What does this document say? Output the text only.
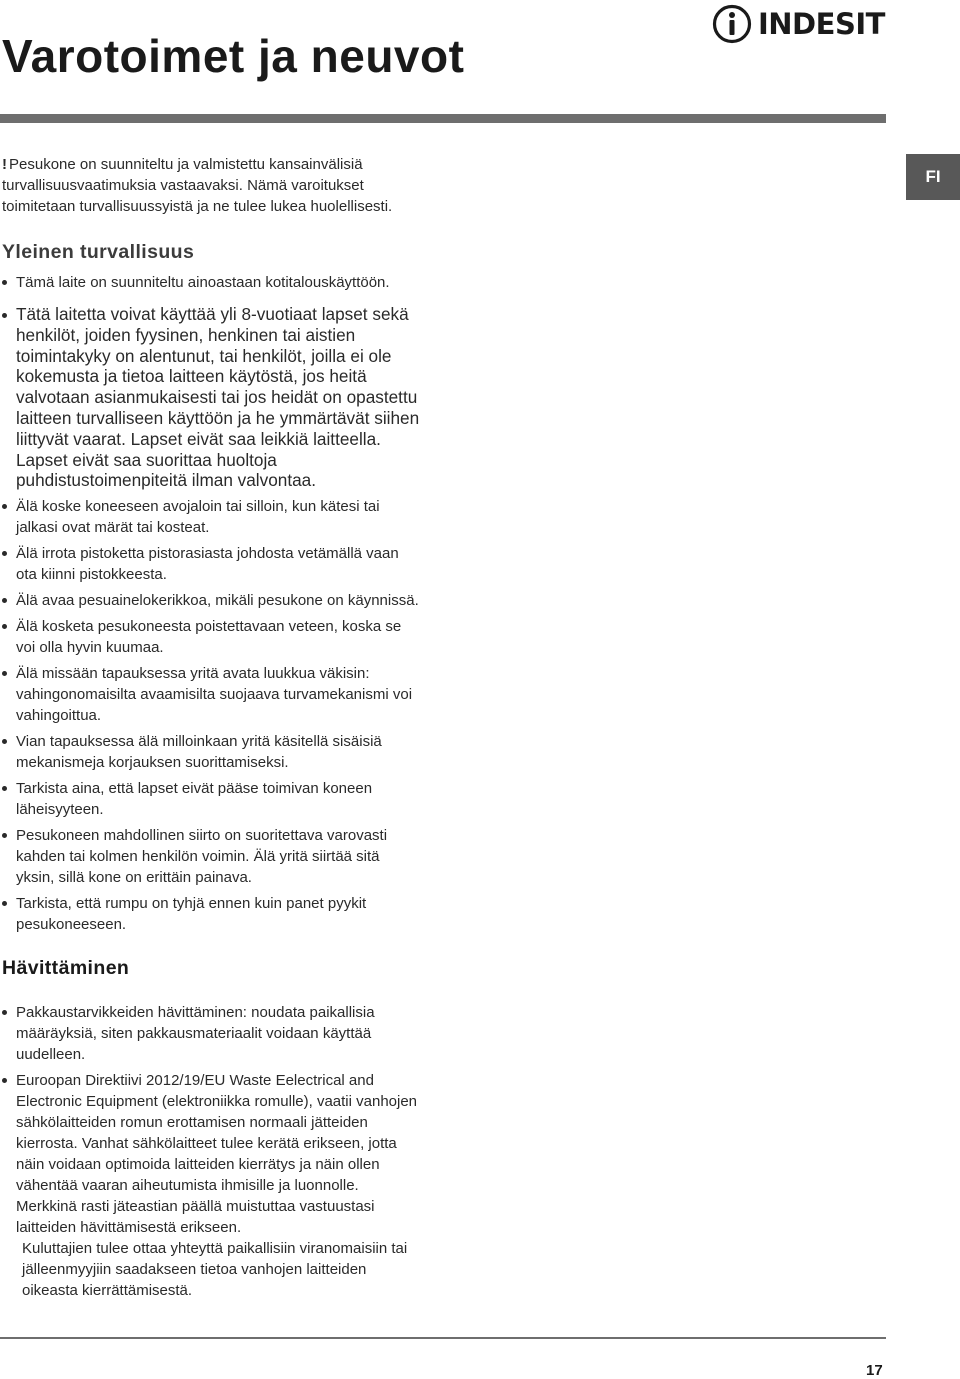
Varotoimet ja neuvot
INDESIT
FI

! Pesukone on suunniteltu ja valmistettu kansainvälisiä turvallisuusvaatimuksia vastaavaksi. Nämä varoitukset toimitetaan turvallisuussyistä ja ne tulee lukea huolellisesti.

Yleinen turvallisuus
Tämä laite on suunniteltu ainoastaan kotitalouskäyttöön.
Tätä laitetta voivat käyttää yli 8-vuotiaat lapset sekä henkilöt, joiden fyysinen, henkinen tai aistien toimintakyky on alentunut, tai henkilöt, joilla ei ole kokemusta ja tietoa laitteen käytöstä, jos heitä valvotaan asianmukaisesti tai jos heidät on opastettu laitteen turvalliseen käyttöön ja he ymmärtävät siihen liittyvät vaarat. Lapset eivät saa leikkiä laitteella. Lapset eivät saa suorittaa huoltoja puhdistustoimenpiteitä ilman valvontaa.
Älä koske koneeseen avojaloin tai silloin, kun kätesi tai jalkasi ovat märät tai kosteat.
Älä irrota pistoketta pistorasiasta johdosta vetämällä vaan ota kiinni pistokkeesta.
Älä avaa pesuainelokerikkoa, mikäli pesukone on käynnissä.
Älä kosketa pesukoneesta poistettavaan veteen, koska se voi olla hyvin kuumaa.
Älä missään tapauksessa yritä avata luukkua väkisin: vahingonomaisilta avaamisilta suojaava turvamekanismi voi vahingoittua.
Vian tapauksessa älä milloinkaan yritä käsitellä sisäisiä mekanismeja korjauksen suorittamiseksi.
Tarkista aina, että lapset eivät pääse toimivan koneen läheisyyteen.
Pesukoneen mahdollinen siirto on suoritettava varovasti kahden tai kolmen henkilön voimin. Älä yritä siirtää sitä yksin, sillä kone on erittäin painava.
Tarkista, että rumpu on tyhjä ennen kuin panet pyykit pesukoneeseen.
Hävittäminen
Pakkaustarvikkeiden hävittäminen: noudata paikallisia määräyksiä, siten pakkausmateriaalit voidaan käyttää uudelleen.
Euroopan Direktiivi 2012/19/EU Waste Eelectrical and Electronic Equipment (elektroniikka romulle), vaatii vanhojen sähkölaitteiden romun erottamisen normaali jätteiden kierrosta. Vanhat sähkölaitteet tulee kerätä erikseen, jotta näin voidaan optimoida laitteiden kierrätys ja näin ollen vähentää vaaran aiheutumista ihmisille ja luonnolle. Merkkinä rasti jäteastian päällä muistuttaa vastuustasi laitteiden hävittämisestä erikseen.

Kuluttajien tulee ottaa yhteyttä paikallisiin viranomaisiin tai jälleenmyyjiin saadakseen tietoa vanhojen laitteiden oikeasta kierrättämisestä.

17
